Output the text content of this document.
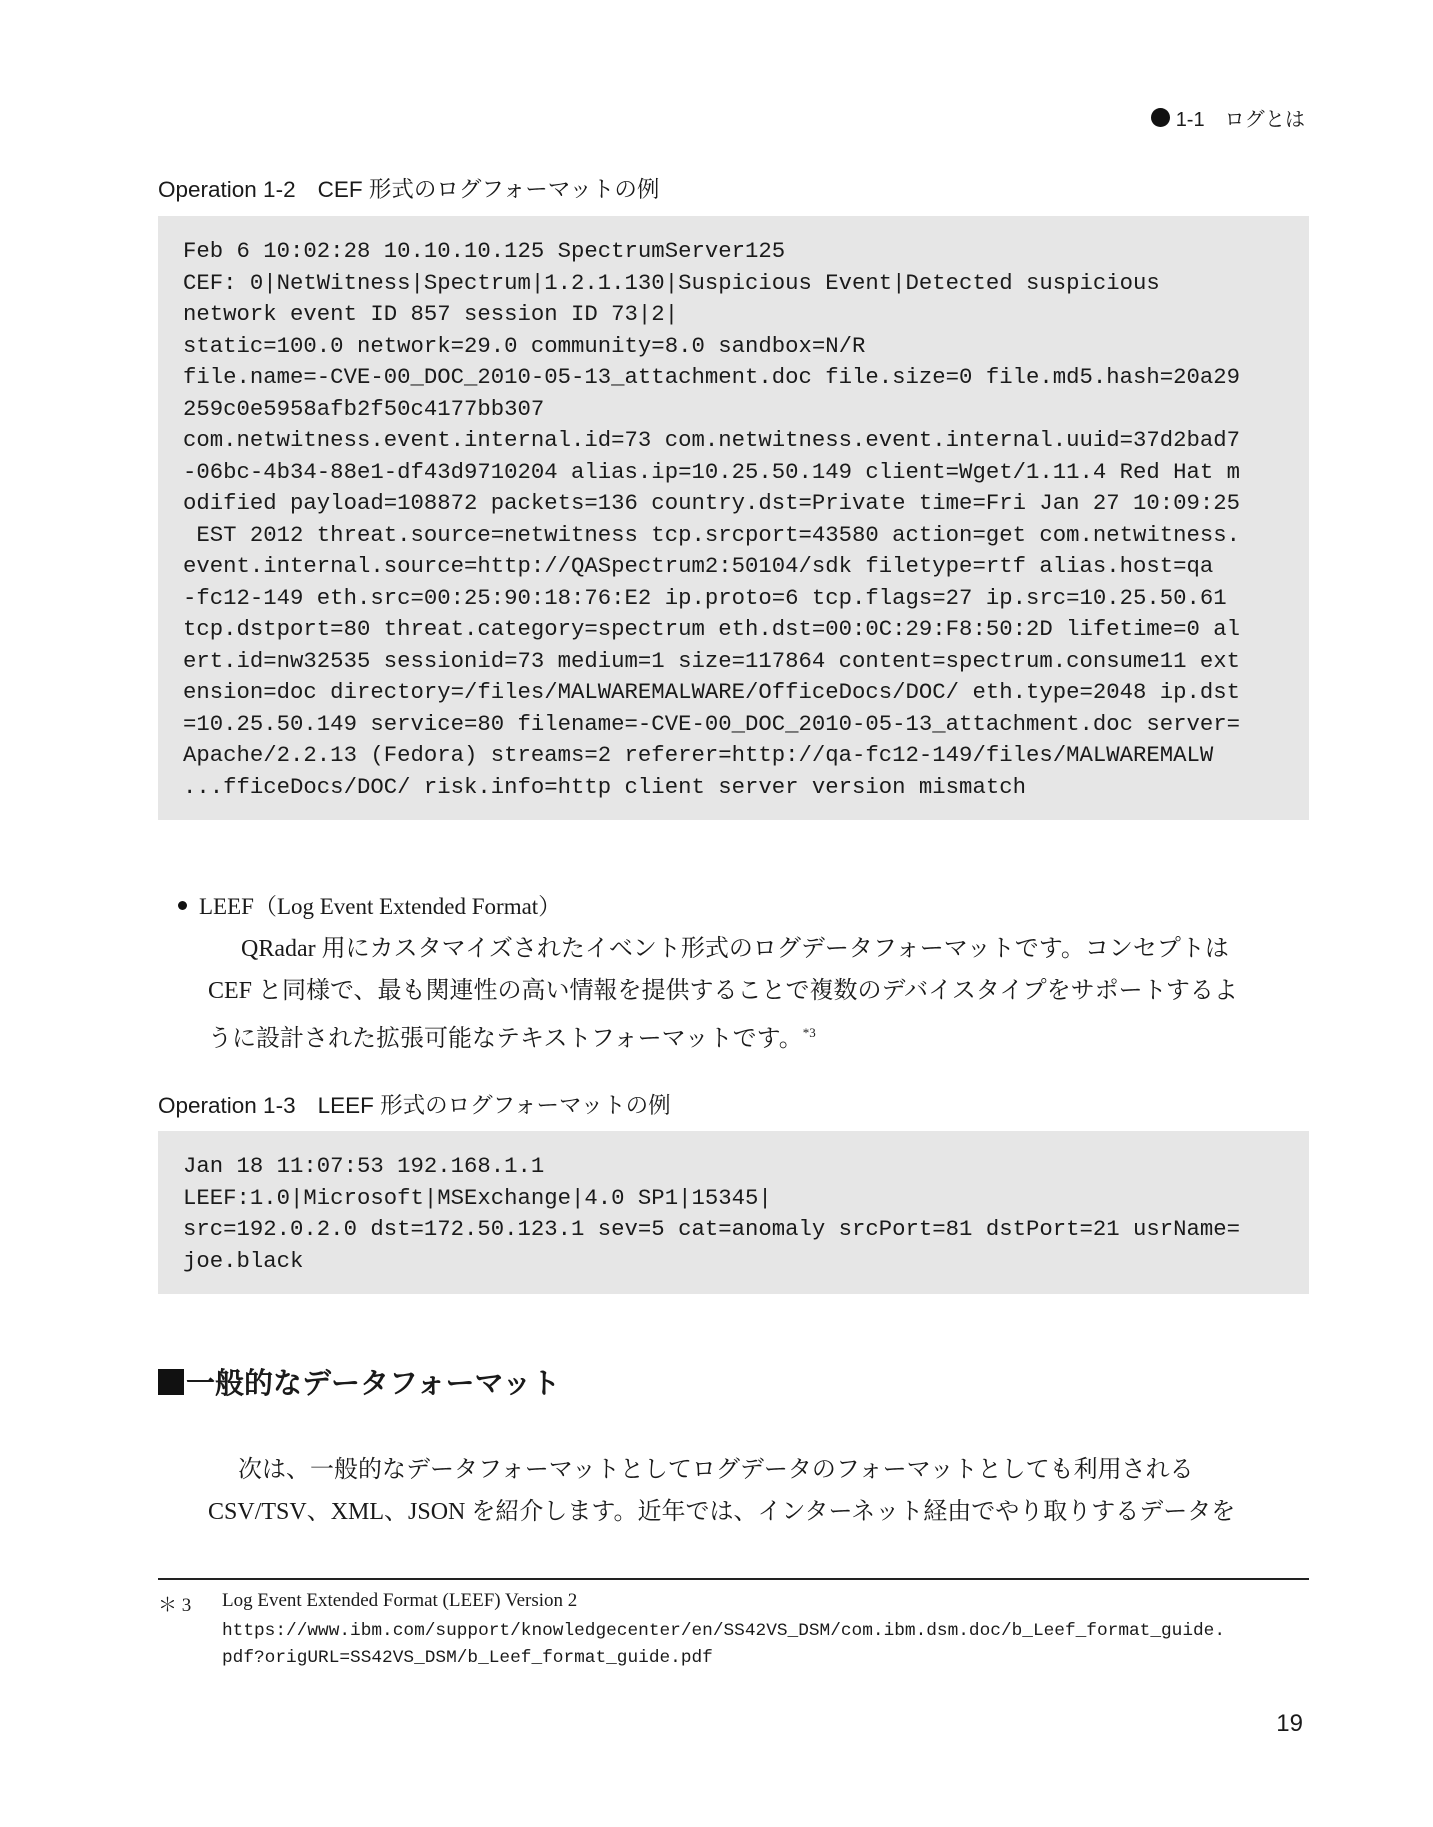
1-1　ログとは
Operation 1-2 CEF 形式のログフォーマットの例
Feb 6 10:02:28 10.10.10.125 SpectrumServer125
CEF: 0|NetWitness|Spectrum|1.2.1.130|Suspicious Event|Detected suspicious
network event ID 857 session ID 73|2|
static=100.0 network=29.0 community=8.0 sandbox=N/R
file.name=-CVE-00_DOC_2010-05-13_attachment.doc file.size=0 file.md5.hash=20a29
259c0e5958afb2f50c4177bb307
com.netwitness.event.internal.id=73 com.netwitness.event.internal.uuid=37d2bad7
-06bc-4b34-88e1-df43d9710204 alias.ip=10.25.50.149 client=Wget/1.11.4 Red Hat m
odified payload=108872 packets=136 country.dst=Private time=Fri Jan 27 10:09:25
EST 2012 threat.source=netwitness tcp.srcport=43580 action=get com.netwitness.
event.internal.source=http://QASpectrum2:50104/sdk filetype=rtf alias.host=qa
-fc12-149 eth.src=00:25:90:18:76:E2 ip.proto=6 tcp.flags=27 ip.src=10.25.50.61
tcp.dstport=80 threat.category=spectrum eth.dst=00:0C:29:F8:50:2D lifetime=0 al
ert.id=nw32535 sessionid=73 medium=1 size=117864 content=spectrum.consume11 ext
ension=doc directory=/files/MALWAREMALWARE/OfficeDocs/DOC/ eth.type=2048 ip.dst
=10.25.50.149 service=80 filename=-CVE-00_DOC_2010-05-13_attachment.doc server=
Apache/2.2.13 (Fedora) streams=2 referer=http://qa-fc12-149/files/MALWAREMALW
...fficeDocs/DOC/ risk.info=http client server version mismatch
LEEF（Log Event Extended Format）
QRadar 用にカスタマイズされたイベント形式のログデータフォーマットです。コンセプトは
CEF と同様で、最も関連性の高い情報を提供することで複数のデバイスタイプをサポートするよ
うに設計された拡張可能なテキストフォーマットです。$^{*3}$
Operation 1-3 LEEF 形式のログフォーマットの例
Jan 18 11:07:53 192.168.1.1
LEEF:1.0|Microsoft|MSExchange|4.0 SP1|15345|
src=192.0.2.0 dst=172.50.123.1 sev=5 cat=anomaly srcPort=81 dstPort=21 usrName=
joe.black
一般的なデータフォーマット
次は、一般的なデータフォーマットとしてログデータのフォーマットとしても利用される
CSV/TSV、XML、JSON を紹介します。近年では、インターネット経由でやり取りするデータを
＊ 3 Log Event Extended Format (LEEF) Version 2
https://www.ibm.com/support/knowledgecenter/en/SS42VS_DSM/com.ibm.dsm.doc/b_Leef_format_guide.
pdf?origURL=SS42VS_DSM/b_Leef_format_guide.pdf
19
